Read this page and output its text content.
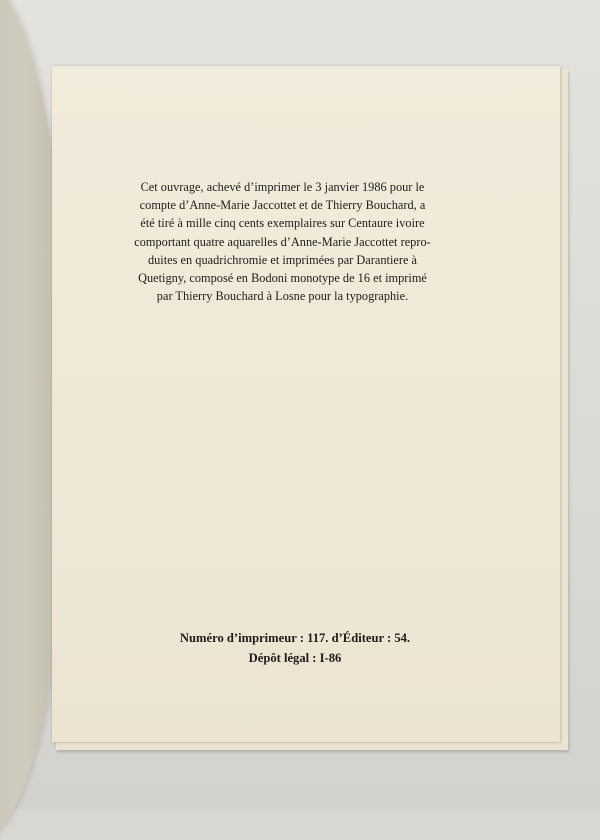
Cet ouvrage, achevé d’imprimer le 3 janvier 1986 pour le
compte d’Anne-Marie Jaccottet et de Thierry Bouchard, a
été tiré à mille cinq cents exemplaires sur Centaure ivoire
comportant quatre aquarelles d’Anne-Marie Jaccottet repro-
duites en quadrichromie et imprimées par Darantiere à
Quetigny, composé en Bodoni monotype de 16 et imprimé
par Thierry Bouchard à Losne pour la typographie.

Numéro d’imprimeur : 117. d’Éditeur : 54.
Dépôt légal : I-86
